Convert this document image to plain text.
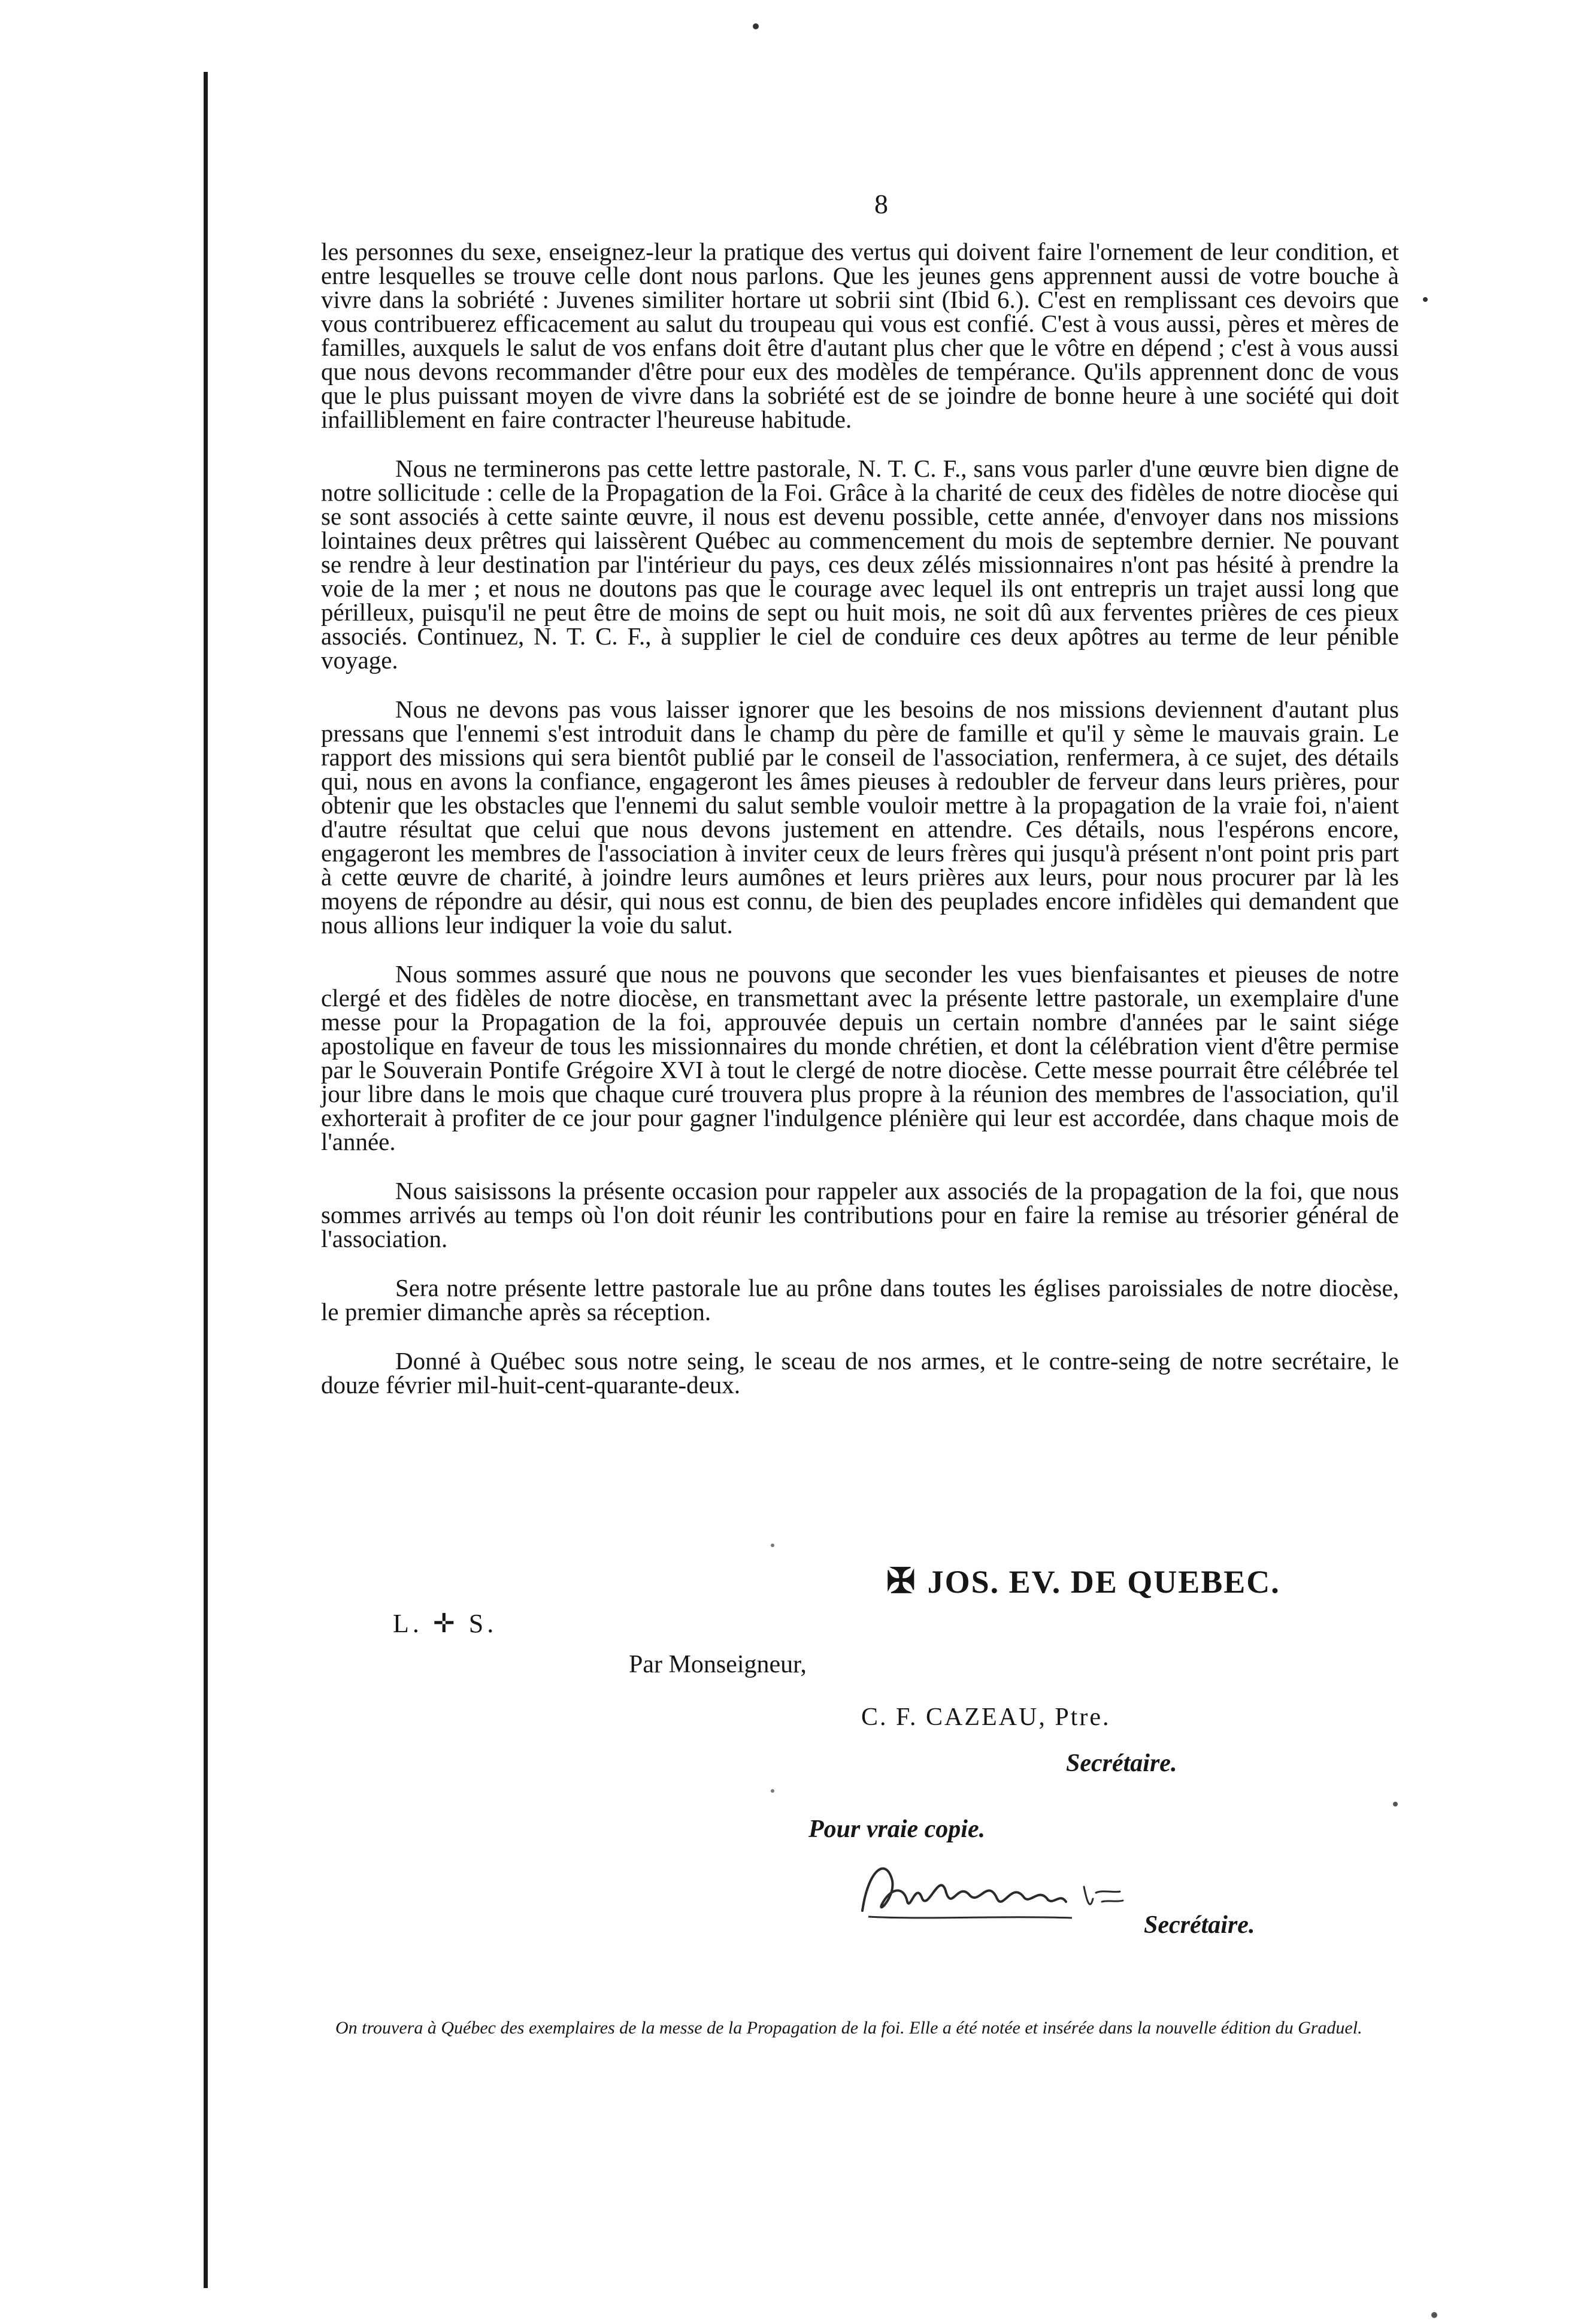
8

les personnes du sexe, enseignez-leur la pratique des vertus qui doivent faire l'ornement de leur condition, et entre lesquelles se trouve celle dont nous parlons. Que les jeunes gens apprennent aussi de votre bouche à vivre dans la sobriété : Juvenes similiter hortare ut sobrii sint (Ibid 6.). C'est en remplissant ces devoirs que vous contribuerez efficacement au salut du troupeau qui vous est confié. C'est à vous aussi, pères et mères de familles, auxquels le salut de vos enfans doit être d'autant plus cher que le vôtre en dépend ; c'est à vous aussi que nous devons recommander d'être pour eux des modèles de tempérance. Qu'ils apprennent donc de vous que le plus puissant moyen de vivre dans la sobriété est de se joindre de bonne heure à une société qui doit infailliblement en faire contracter l'heureuse habitude.

Nous ne terminerons pas cette lettre pastorale, N. T. C. F., sans vous parler d'une œuvre bien digne de notre sollicitude : celle de la Propagation de la Foi. Grâce à la charité de ceux des fidèles de notre diocèse qui se sont associés à cette sainte œuvre, il nous est devenu possible, cette année, d'envoyer dans nos missions lointaines deux prêtres qui laissèrent Québec au commencement du mois de septembre dernier. Ne pouvant se rendre à leur destination par l'intérieur du pays, ces deux zélés missionnaires n'ont pas hésité à prendre la voie de la mer ; et nous ne doutons pas que le courage avec lequel ils ont entrepris un trajet aussi long que périlleux, puisqu'il ne peut être de moins de sept ou huit mois, ne soit dû aux ferventes prières de ces pieux associés. Continuez, N. T. C. F., à supplier le ciel de conduire ces deux apôtres au terme de leur pénible voyage.

Nous ne devons pas vous laisser ignorer que les besoins de nos missions deviennent d'autant plus pressans que l'ennemi s'est introduit dans le champ du père de famille et qu'il y sème le mauvais grain. Le rapport des missions qui sera bientôt publié par le conseil de l'association, renfermera, à ce sujet, des détails qui, nous en avons la confiance, engageront les âmes pieuses à redoubler de ferveur dans leurs prières, pour obtenir que les obstacles que l'ennemi du salut semble vouloir mettre à la propagation de la vraie foi, n'aient d'autre résultat que celui que nous devons justement en attendre. Ces détails, nous l'espérons encore, engageront les membres de l'association à inviter ceux de leurs frères qui jusqu'à présent n'ont point pris part à cette œuvre de charité, à joindre leurs aumônes et leurs prières aux leurs, pour nous procurer par là les moyens de répondre au désir, qui nous est connu, de bien des peuplades encore infidèles qui demandent que nous allions leur indiquer la voie du salut.

Nous sommes assuré que nous ne pouvons que seconder les vues bienfaisantes et pieuses de notre clergé et des fidèles de notre diocèse, en transmettant avec la présente lettre pastorale, un exemplaire d'une messe pour la Propagation de la foi, approuvée depuis un certain nombre d'années par le saint siége apostolique en faveur de tous les missionnaires du monde chrétien, et dont la célébration vient d'être permise par le Souverain Pontife Grégoire XVI à tout le clergé de notre diocèse. Cette messe pourrait être célébrée tel jour libre dans le mois que chaque curé trouvera plus propre à la réunion des membres de l'association, qu'il exhorterait à profiter de ce jour pour gagner l'indulgence plénière qui leur est accordée, dans chaque mois de l'année.

Nous saisissons la présente occasion pour rappeler aux associés de la propagation de la foi, que nous sommes arrivés au temps où l'on doit réunir les contributions pour en faire la remise au trésorier général de l'association.

Sera notre présente lettre pastorale lue au prône dans toutes les églises paroissiales de notre diocèse, le premier dimanche après sa réception.

Donné à Québec sous notre seing, le sceau de nos armes, et le contre-seing de notre secrétaire, le douze février mil-huit-cent-quarante-deux.

✠ JOS. EV. DE QUEBEC.
L. ✛ S.
Par Monseigneur,
C. F. CAZEAU, Ptre.
Secrétaire.
Pour vraie copie.
Secrétaire.
On trouvera à Québec des exemplaires de la messe de la Propagation de la foi. Elle a été notée et insérée dans la nouvelle édition du Graduel.
